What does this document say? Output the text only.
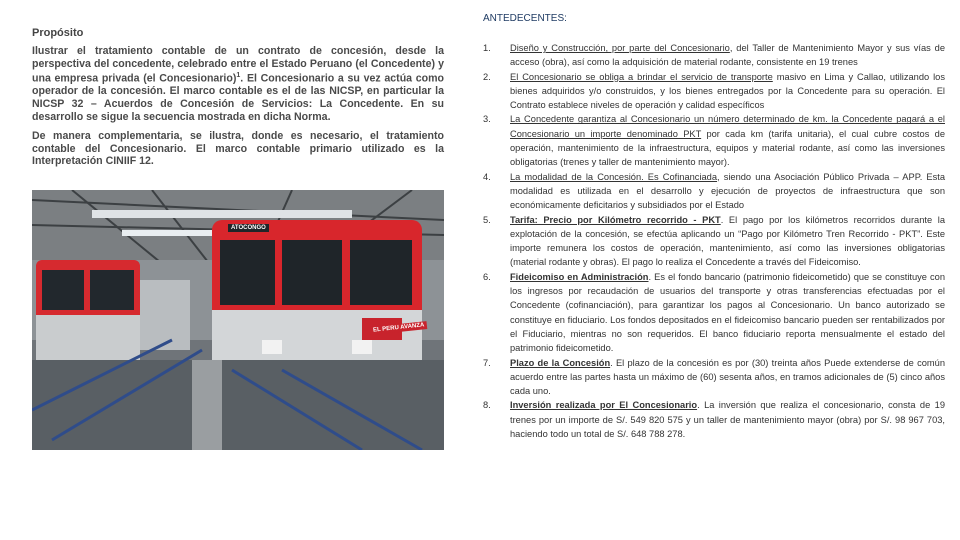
Propósito
Ilustrar el tratamiento contable de un contrato de concesión, desde la perspectiva del concedente, celebrado entre el Estado Peruano (el Concedente) y una empresa privada (el Concesionario)$^1$. El Concesionario a su vez actúa como operador de la concesión. El marco contable es el de las NICSP, en particular la NICSP 32 – Acuerdos de Concesión de Servicios: La Concedente. En su desarrollo se sigue la secuencia mostrada en dicha Norma.
De manera complementaria, se ilustra, donde es necesario, el tratamiento contable del Concesionario. El marco contable primario utilizado es la Interpretación CINIIF 12.
EL PERU AVANZA
ATOCONGO
ANTEDECENTES:
1. Diseño y Construcción, por parte del Concesionario, del Taller de Mantenimiento Mayor y sus vías de acceso (obra), así como la adquisición de material rodante, consistente en 19 trenes
2. El Concesionario se obliga a brindar el servicio de transporte masivo en Lima y Callao, utilizando los bienes adquiridos y/o construidos, y los bienes entregados por la Concedente para su operación. El Contrato establece niveles de operación y calidad específicos
3. La Concedente garantiza al Concesionario un número determinado de km. la Concedente pagará a el Concesionario un importe denominado PKT por cada km (tarifa unitaria), el cual cubre costos de operación, mantenimiento de la infraestructura, equipos y material rodante, así como las inversiones obligatorias (trenes y taller de mantenimiento mayor).
4. La modalidad de la Concesión. Es Cofinanciada, siendo una Asociación Público Privada – APP. Esta modalidad es utilizada en el desarrollo y ejecución de proyectos de infraestructura que son económicamente deficitarios y subsidiados por el Estado
5. Tarifa: Precio por Kilómetro recorrido - PKT. El pago por los kilómetros recorridos durante la explotación de la concesión, se efectúa aplicando un “Pago por Kilómetro Tren Recorrido - PKT”. Este importe remunera los costos de operación, mantenimiento, así como las inversiones obligatorias (material rodante y obras). El pago lo realiza el Concedente a través del Fideicomiso.
6. Fideicomiso en Administración. Es el fondo bancario (patrimonio fideicometido) que se constituye con los ingresos por recaudación de usuarios del transporte y otras transferencias efectuadas por el Concedente (cofinanciación), para garantizar los pagos al Concesionario. Un banco autorizado se constituye en fiduciario. Los fondos depositados en el fideicomiso bancario pueden ser rentabilizados por el Fiduciario, mientras no son requeridos. El banco fiduciario reporta mensualmente el estado del patrimonio fideicometido.
7. Plazo de la Concesión. El plazo de la concesión es por (30) treinta años Puede extenderse de común acuerdo entre las partes hasta un máximo de (60) sesenta años, en tramos adicionales de (5) cinco años cada uno.
8. Inversión realizada por El Concesionario. La inversión que realiza el concesionario, consta de 19 trenes por un importe de S/. 549 820 575 y un taller de mantenimiento mayor (obra) por S/. 98 967 703, haciendo todo un total de S/. 648 788 278.
